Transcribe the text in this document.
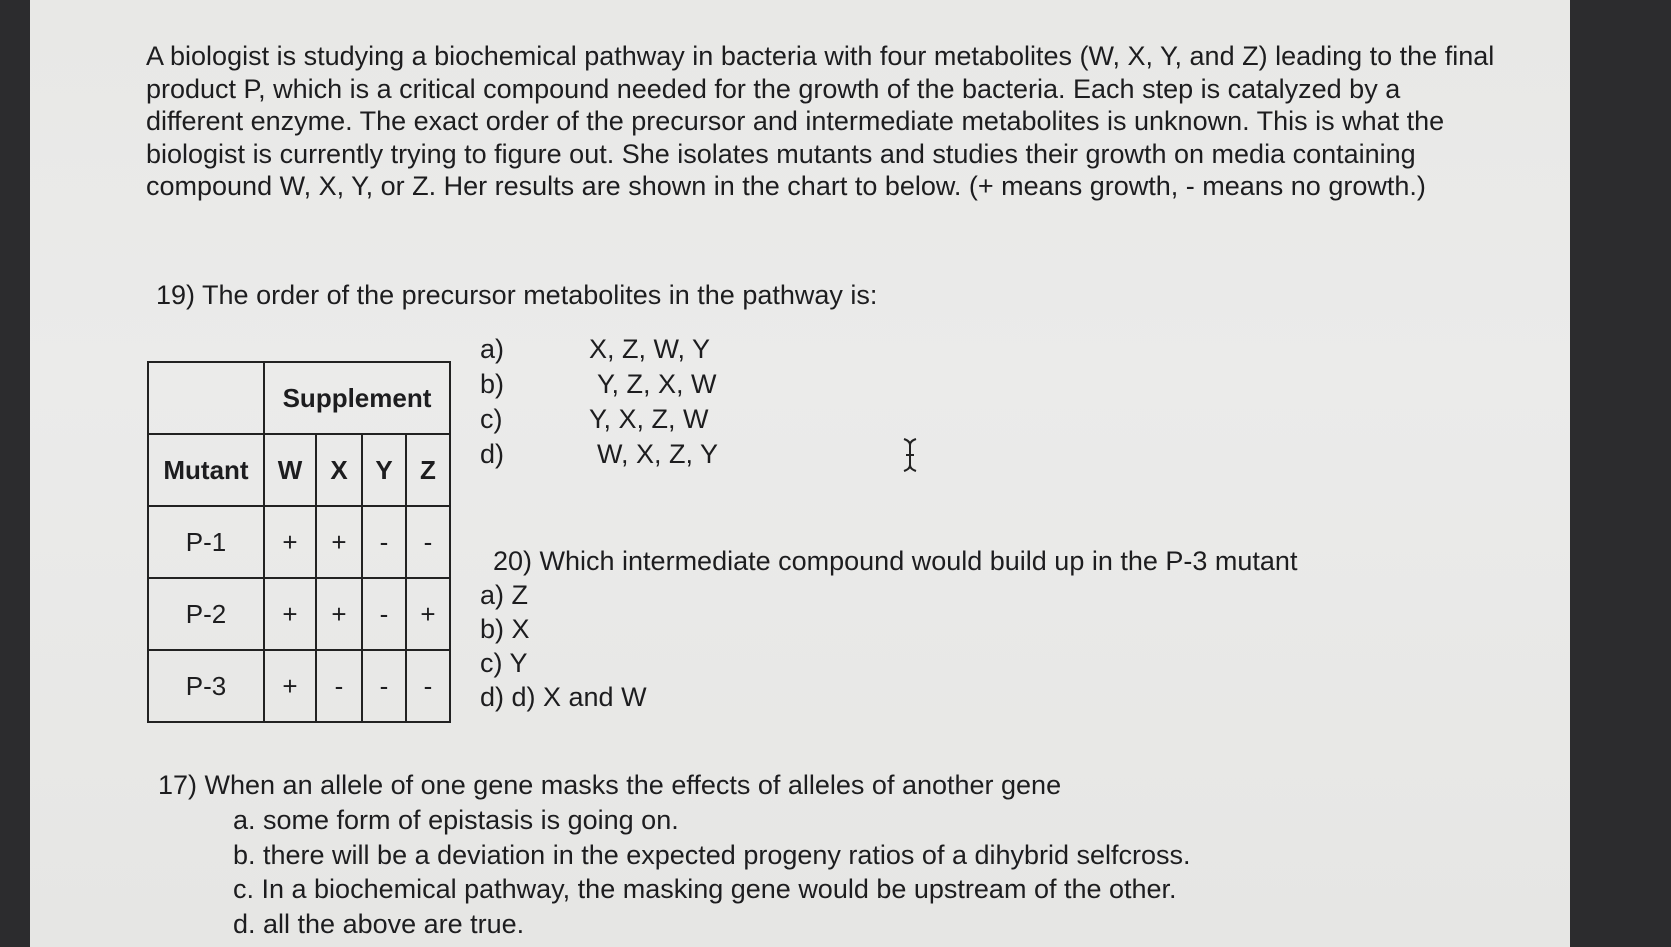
A biologist is studying a biochemical pathway in bacteria with four metabolites (W, X, Y, and Z) leading to the final product P, which is a critical compound needed for the growth of the bacteria. Each step is catalyzed by a different enzyme. The exact order of the precursor and intermediate metabolites is unknown. This is what the biologist is currently trying to figure out. She isolates mutants and studies their growth on media containing compound W, X, Y, or Z. Her results are shown in the chart to below. (+ means growth, - means no growth.)

19) The order of the precursor metabolites in the pathway is:

	Supplement			
Mutant	W	X	Y	Z
P-1	+	+	-	-
P-2	+	+	-	+
P-3	+	-	-	-
a)	X, Z, W, Y
b)	Y, Z, X, W
c)	Y, X, Z, W
d)	W, X, Z, Y

20) Which intermediate compound would build up in the P-3 mutant

a) Z
b) X
c) Y
d) d) X and W

17) When an allele of one gene masks the effects of alleles of another gene

a. some form of epistasis is going on.
b. there will be a deviation in the expected progeny ratios of a dihybrid selfcross.
c. In a biochemical pathway, the masking gene would be upstream of the other.
d. all the above are true.
